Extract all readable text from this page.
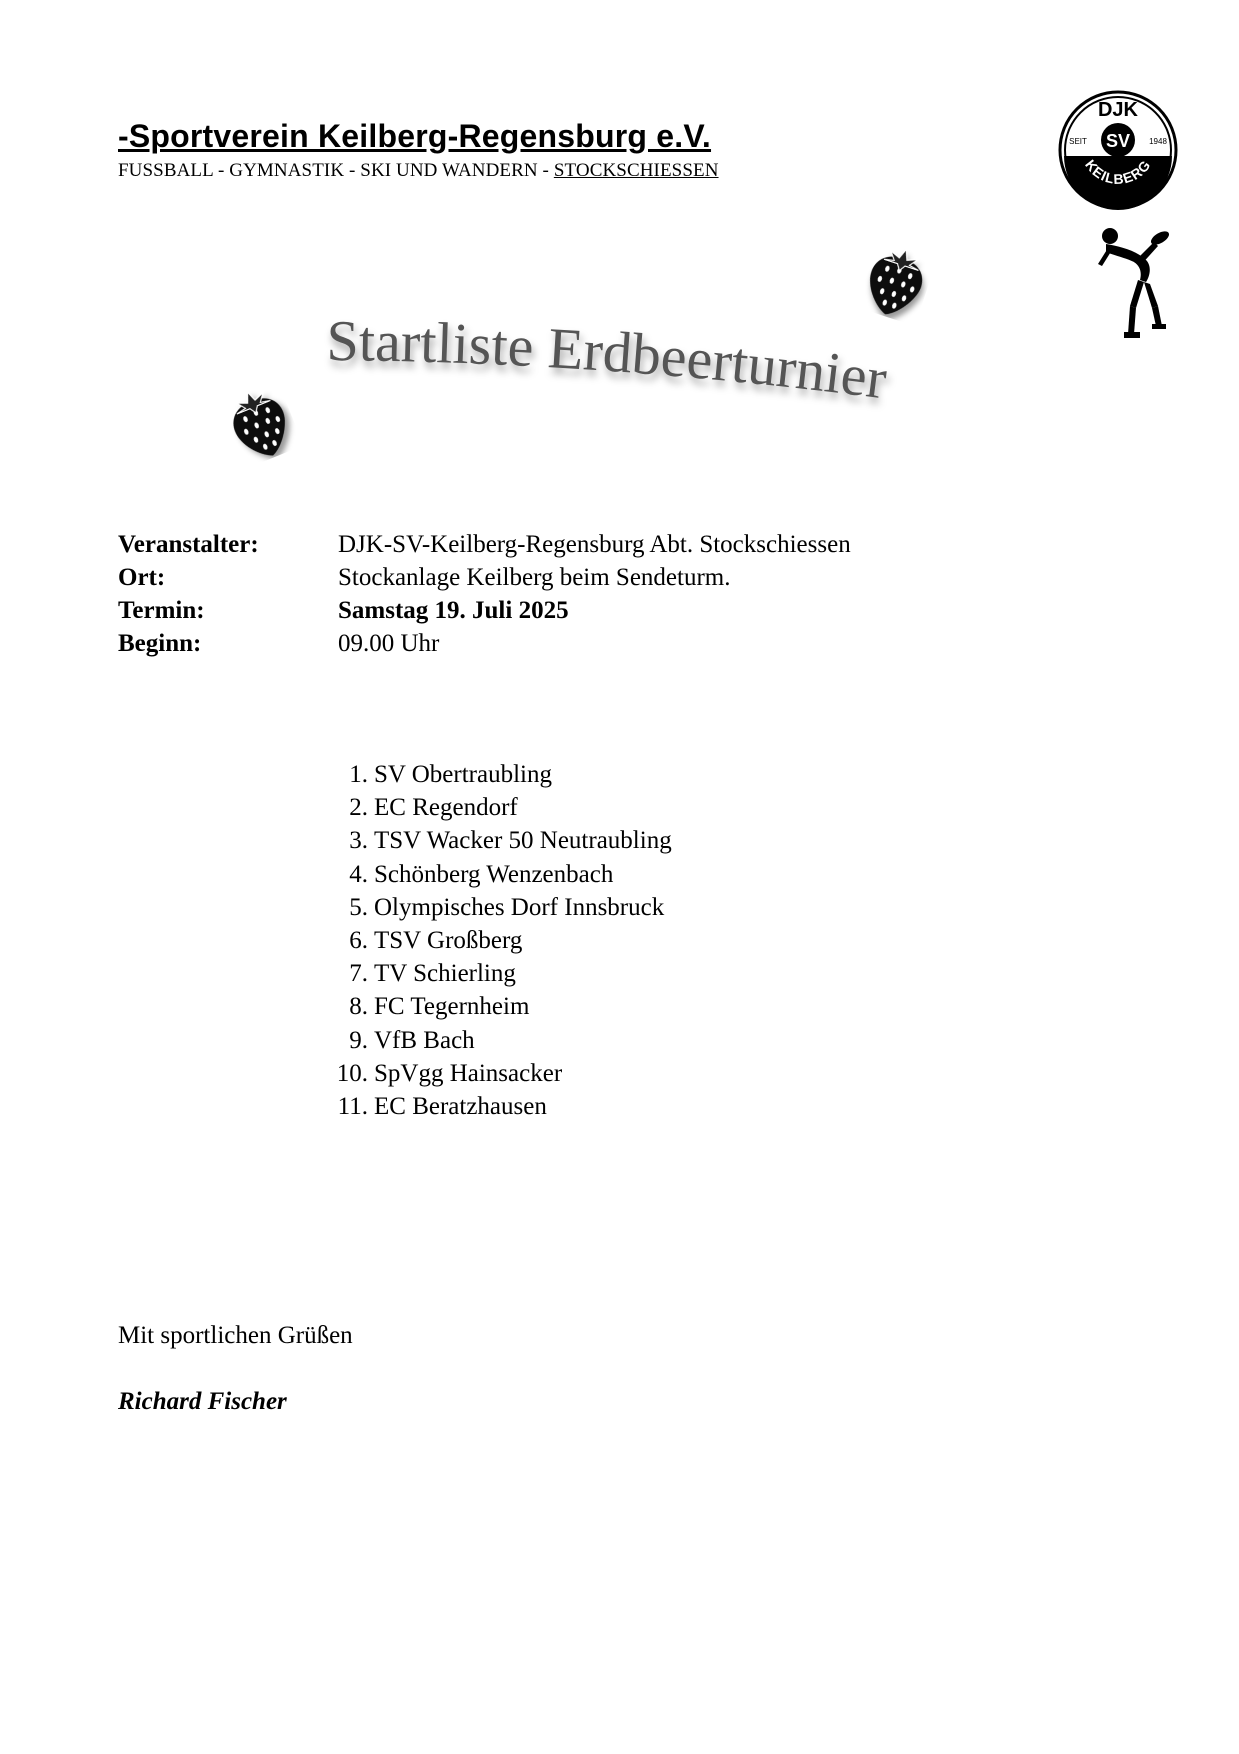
-Sportverein Keilberg-Regensburg e.V.
FUSSBALL - GYMNASTIK - SKI UND WANDERN - STOCKSCHIESSEN
DJK
SV
SEIT	1948
KEILBERG
Startliste Erdbeerturnier
Veranstalter:	DJK-SV-Keilberg-Regensburg Abt. Stockschiessen
Ort:	Stockanlage Keilberg beim Sendeturm.
Termin:	Samstag 19. Juli 2025
Beginn:	09.00 Uhr
1. SV Obertraubling
2. EC Regendorf
3. TSV Wacker 50 Neutraubling
4. Schönberg Wenzenbach
5. Olympisches Dorf Innsbruck
6. TSV Großberg
7. TV Schierling
8. FC Tegernheim
9. VfB Bach
10. SpVgg Hainsacker
11. EC Beratzhausen
Mit sportlichen Grüßen
Richard Fischer
